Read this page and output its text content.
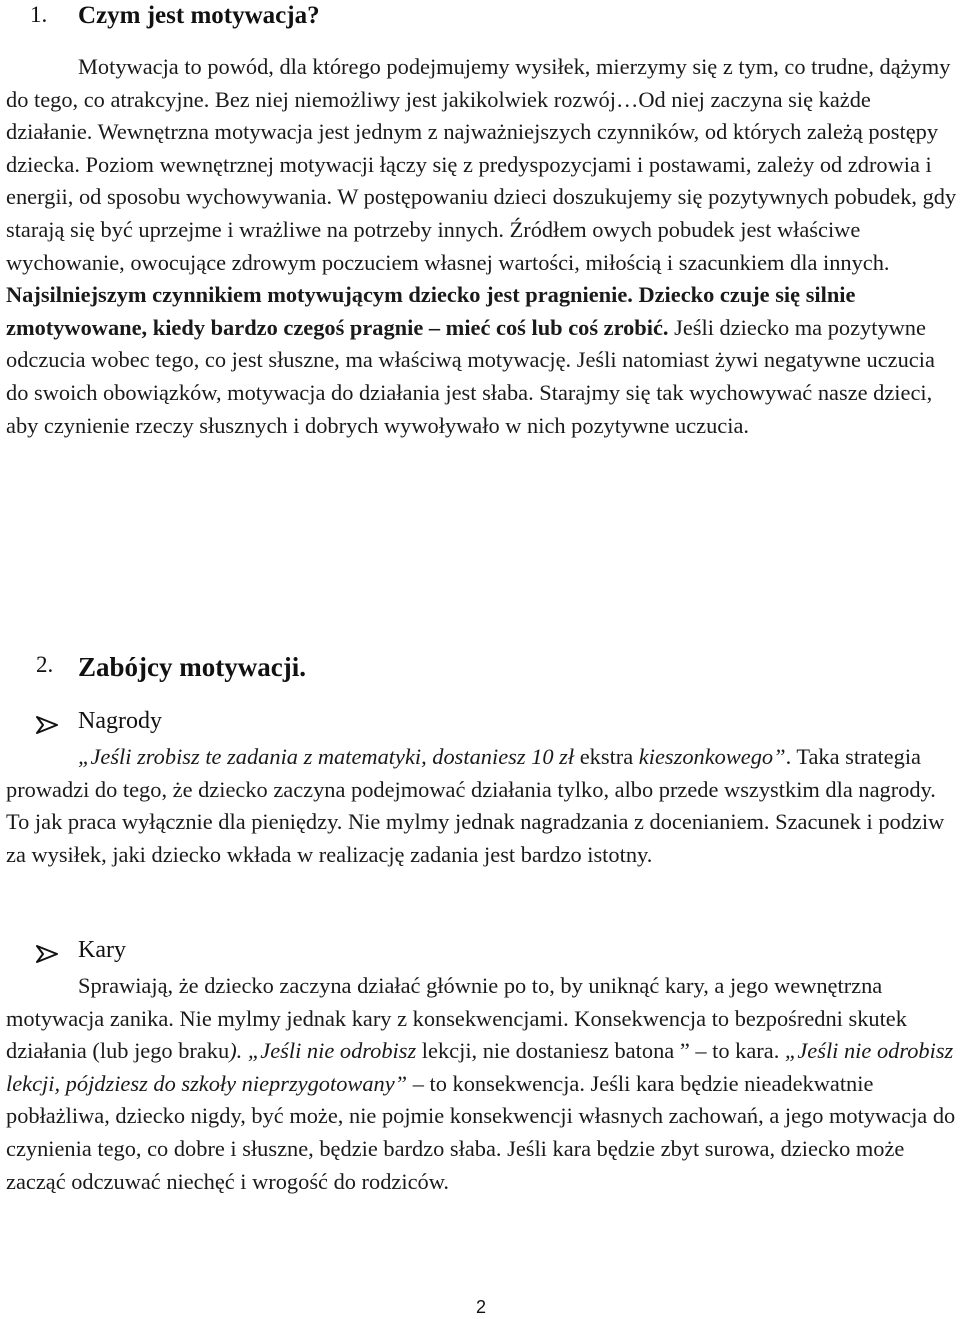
1. Czym jest motywacja?
Motywacja to powód, dla którego podejmujemy wysiłek, mierzymy się z tym, co trudne, dążymy do tego, co atrakcyjne. Bez niej niemożliwy jest jakikolwiek rozwój…Od niej zaczyna się każde działanie. Wewnętrzna motywacja jest jednym z najważniejszych czynników, od których zależą postępy dziecka. Poziom wewnętrznej motywacji łączy się z predyspozycjami i postawami, zależy od zdrowia i energii, od sposobu wychowywania. W postępowaniu dzieci doszukujemy się pozytywnych pobudek, gdy starają się być uprzejme i wrażliwe na potrzeby innych. Źródłem owych pobudek jest właściwe wychowanie, owocujące zdrowym poczuciem własnej wartości, miłością i szacunkiem dla innych. Najsilniejszym czynnikiem motywującym dziecko jest pragnienie. Dziecko czuje się silnie zmotywowane, kiedy bardzo czegoś pragnie – mieć coś lub coś zrobić. Jeśli dziecko ma pozytywne odczucia wobec tego, co jest słuszne, ma właściwą motywację. Jeśli natomiast żywi negatywne uczucia do swoich obowiązków, motywacja do działania jest słaba. Starajmy się tak wychowywać nasze dzieci, aby czynienie rzeczy słusznych i dobrych wywoływało w nich pozytywne uczucia.
2. Zabójcy motywacji.
Nagrody
„Jeśli zrobisz te zadania z matematyki, dostaniesz 10 zł ekstra kieszonkowego”. Taka strategia prowadzi do tego, że dziecko zaczyna podejmować działania tylko, albo przede wszystkim dla nagrody. To jak praca wyłącznie dla pieniędzy. Nie mylmy jednak nagradzania z docenianiem. Szacunek i podziw za wysiłek, jaki dziecko wkłada w realizację zadania jest bardzo istotny.
Kary
Sprawiają, że dziecko zaczyna działać głównie po to, by uniknąć kary, a jego wewnętrzna motywacja zanika. Nie mylmy jednak kary z konsekwencjami. Konsekwencja to bezpośredni skutek działania (lub jego braku). „Jeśli nie odrobisz lekcji, nie dostaniesz batona ” – to kara. „Jeśli nie odrobisz lekcji, pójdziesz do szkoły nieprzygotowany” – to konsekwencja. Jeśli kara będzie nieadekwatnie pobłażliwa, dziecko nigdy, być może, nie pojmie konsekwencji własnych zachowań, a jego motywacja do czynienia tego, co dobre i słuszne, będzie bardzo słaba. Jeśli kara będzie zbyt surowa, dziecko może zacząć odczuwać niechęć i wrogość do rodziców.
2
